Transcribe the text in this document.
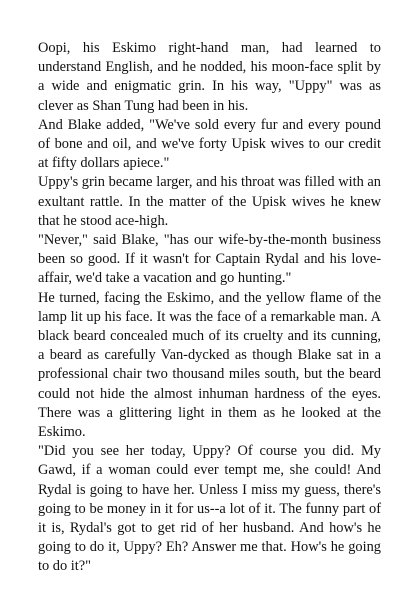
Oopi, his Eskimo right-hand man, had learned to understand English, and he nodded, his moon-face split by a wide and enigmatic grin. In his way, "Uppy" was as clever as Shan Tung had been in his.

And Blake added, "We've sold every fur and every pound of bone and oil, and we've forty Upisk wives to our credit at fifty dollars apiece."

Uppy's grin became larger, and his throat was filled with an exultant rattle. In the matter of the Upisk wives he knew that he stood ace-high.

"Never," said Blake, "has our wife-by-the-month business been so good. If it wasn't for Captain Rydal and his love-affair, we'd take a vacation and go hunting."

He turned, facing the Eskimo, and the yellow flame of the lamp lit up his face. It was the face of a remarkable man. A black beard concealed much of its cruelty and its cunning, a beard as carefully Van-dycked as though Blake sat in a professional chair two thousand miles south, but the beard could not hide the almost inhuman hardness of the eyes. There was a glittering light in them as he looked at the Eskimo.

"Did you see her today, Uppy? Of course you did. My Gawd, if a woman could ever tempt me, she could! And Rydal is going to have her. Unless I miss my guess, there's going to be money in it for us--a lot of it. The funny part of it is, Rydal's got to get rid of her husband. And how's he going to do it, Uppy? Eh? Answer me that. How's he going to do it?"
